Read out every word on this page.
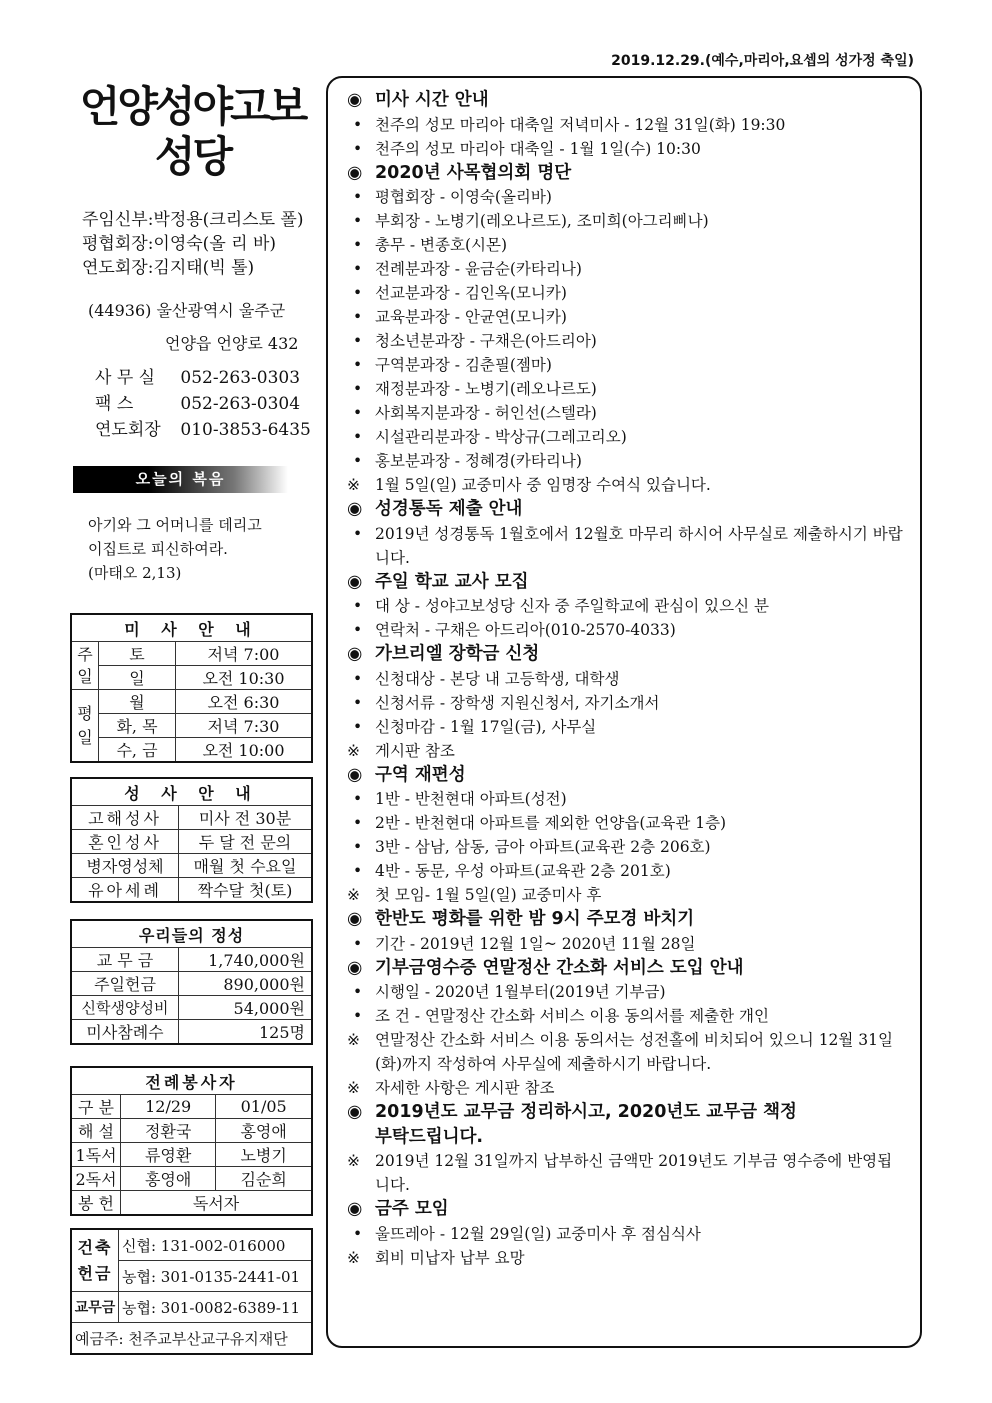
2019.12.29.(예수,마리아,요셉의 성가정 축일)
언양성야고보
성당
주임신부:박정용(크리스토 폴)
평협회장:이영숙(올 리 바)
연도회장:김지태(빅 톨)
(44936) 울산광역시 울주군
언양읍 언양로 432
사 무 실 052-263-0303
팩 스	052-263-0304
연도회장 010-3853-6435
오늘의 복음
아기와 그 어머니를 데리고
이집트로 피신하여라.
(마태오 2,13)
미 사 안 내		
주일	토	저녁 7:00
	일	오전 10:30
평일	월	오전 6:30
	화, 목	저녁 7:30
	수, 금	오전 10:00
성 사 안 내	
고해성사	미사 전 30분
혼인성사	두 달 전 문의
병자영성체	매월 첫 수요일
유아세례	짝수달 첫(토)
우리들의 정성	
교 무 금	1,740,000원
주일헌금	890,000원
신학생양성비	54,000원
미사참례수	125명
전례봉사자		
구 분	12/29	01/05
해 설	정환국	홍영애
1독서	류영환	노병기
2독서	홍영애	김순희
봉 헌	독서자	
건축헌금	신협: 131-002-016000
	농협: 301-0135-2441-01
교무금	농협: 301-0082-6389-11
예금주: 천주교부산교구유지재단	
◉ 미사 시간 안내
• 천주의 성모 마리아 대축일 저녁미사 - 12월 31일(화) 19:30
• 천주의 성모 마리아 대축일 - 1월 1일(수) 10:30
◉ 2020년 사목협의회 명단
• 평협회장 - 이영숙(올리바)
• 부회장 - 노병기(레오나르도), 조미희(아그리삐나)
• 총무 - 변종호(시몬)
• 전례분과장 - 윤금순(카타리나)
• 선교분과장 - 김인옥(모니카)
• 교육분과장 - 안균연(모니카)
• 청소년분과장 - 구채은(아드리아)
• 구역분과장 - 김춘필(젬마)
• 재정분과장 - 노병기(레오나르도)
• 사회복지분과장 - 허인선(스텔라)
• 시설관리분과장 - 박상규(그레고리오)
• 홍보분과장 - 정혜경(카타리나)
※ 1월 5일(일) 교중미사 중 임명장 수여식 있습니다.
◉ 성경통독 제출 안내
• 2019년 성경통독 1월호에서 12월호 마무리 하시어 사무실로 제출하시기 바랍니다.
◉ 주일 학교 교사 모집
• 대 상 - 성야고보성당 신자 중 주일학교에 관심이 있으신 분
• 연락처 - 구채은 아드리아(010-2570-4033)
◉ 가브리엘 장학금 신청
• 신청대상 - 본당 내 고등학생, 대학생
• 신청서류 - 장학생 지원신청서, 자기소개서
• 신청마감 - 1월 17일(금), 사무실
※ 게시판 참조
◉ 구역 재편성
• 1반 - 반천현대 아파트(성전)
• 2반 - 반천현대 아파트를 제외한 언양읍(교육관 1층)
• 3반 - 삼남, 삼동, 금아 아파트(교육관 2층 206호)
• 4반 - 동문, 우성 아파트(교육관 2층 201호)
※ 첫 모임- 1월 5일(일) 교중미사 후
◉ 한반도 평화를 위한 밤 9시 주모경 바치기
• 기간 - 2019년 12월 1일~ 2020년 11월 28일
◉ 기부금영수증 연말정산 간소화 서비스 도입 안내
• 시행일 - 2020년 1월부터(2019년 기부금)
• 조 건 - 연말정산 간소화 서비스 이용 동의서를 제출한 개인
※ 연말정산 간소화 서비스 이용 동의서는 성전홀에 비치되어 있으니 12월 31일(화)까지 작성하여 사무실에 제출하시기 바랍니다.
※ 자세한 사항은 게시판 참조
◉ 2019년도 교무금 정리하시고, 2020년도 교무금 책정
부탁드립니다.
※ 2019년 12월 31일까지 납부하신 금액만 2019년도 기부금 영수증에 반영됩니다.
◉ 금주 모임
• 울뜨레아 - 12월 29일(일) 교중미사 후 점심식사
※ 회비 미납자 납부 요망
